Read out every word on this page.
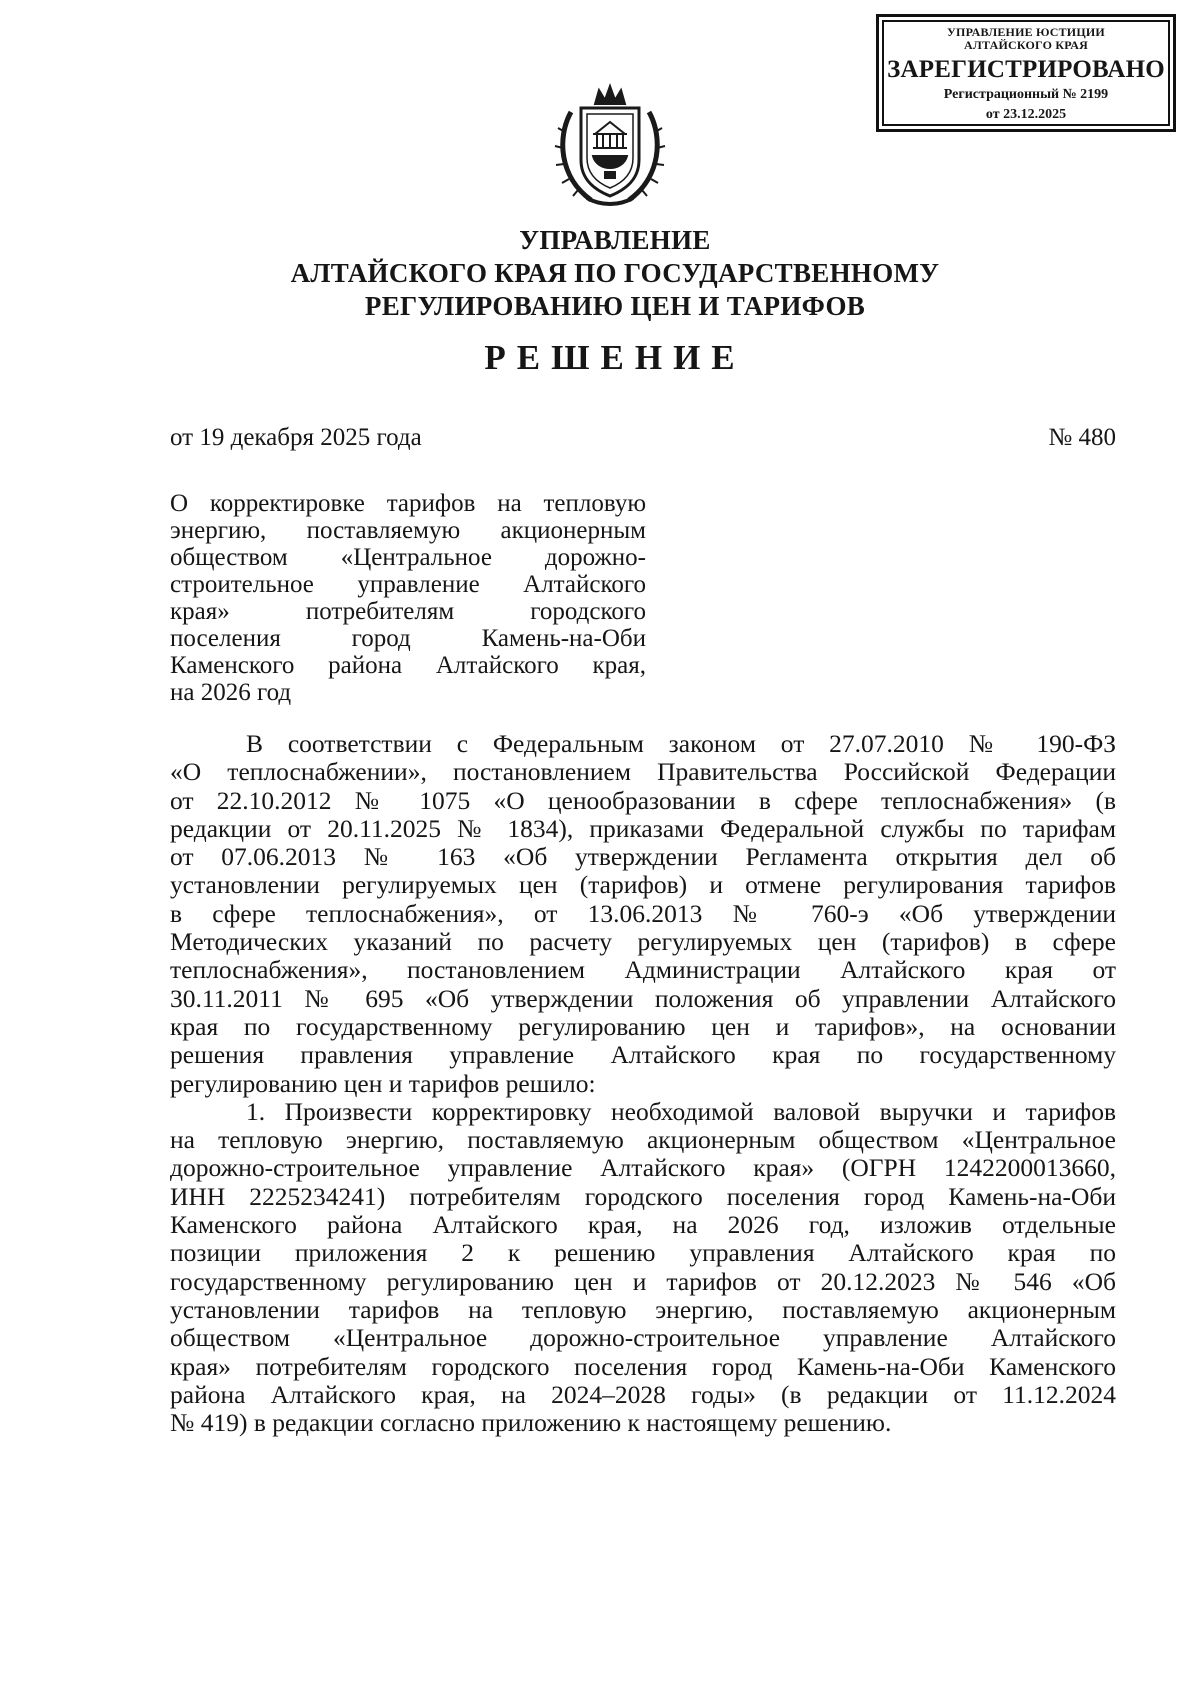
УПРАВЛЕНИЕ ЮСТИЦИИ
АЛТАЙСКОГО КРАЯ
ЗАРЕГИСТРИРОВАНО
Регистрационный № 2199
от 23.12.2025
УПРАВЛЕНИЕ
АЛТАЙСКОГО КРАЯ ПО ГОСУДАРСТВЕННОМУ
РЕГУЛИРОВАНИЮ ЦЕН И ТАРИФОВ
РЕШЕНИЕ
от 19 декабря 2025 года	№ 480
О корректировке тарифов на тепловую
энергию, поставляемую акционерным
обществом «Центральное дорожно-
строительное управление Алтайского
края» потребителям городского
поселения город Камень-на-Оби
Каменского района Алтайского края,
на 2026 год
В соответствии с Федеральным законом от 27.07.2010 № 190-ФЗ
«О теплоснабжении», постановлением Правительства Российской Федерации
от 22.10.2012 № 1075 «О ценообразовании в сфере теплоснабжения» (в
редакции от 20.11.2025 № 1834), приказами Федеральной службы по тарифам
от 07.06.2013 № 163 «Об утверждении Регламента открытия дел об
установлении регулируемых цен (тарифов) и отмене регулирования тарифов
в сфере теплоснабжения», от 13.06.2013 № 760-э «Об утверждении
Методических указаний по расчету регулируемых цен (тарифов) в сфере
теплоснабжения», постановлением Администрации Алтайского края от
30.11.2011 № 695 «Об утверждении положения об управлении Алтайского
края по государственному регулированию цен и тарифов», на основании
решения правления управление Алтайского края по государственному
регулированию цен и тарифов решило:
1. Произвести корректировку необходимой валовой выручки и тарифов
на тепловую энергию, поставляемую акционерным обществом «Центральное
дорожно-строительное управление Алтайского края» (ОГРН 1242200013660,
ИНН 2225234241) потребителям городского поселения город Камень-на-Оби
Каменского района Алтайского края, на 2026 год, изложив отдельные
позиции приложения 2 к решению управления Алтайского края по
государственному регулированию цен и тарифов от 20.12.2023 № 546 «Об
установлении тарифов на тепловую энергию, поставляемую акционерным
обществом «Центральное дорожно-строительное управление Алтайского
края» потребителям городского поселения город Камень-на-Оби Каменского
района Алтайского края, на 2024–2028 годы» (в редакции от 11.12.2024
№ 419) в редакции согласно приложению к настоящему решению.
